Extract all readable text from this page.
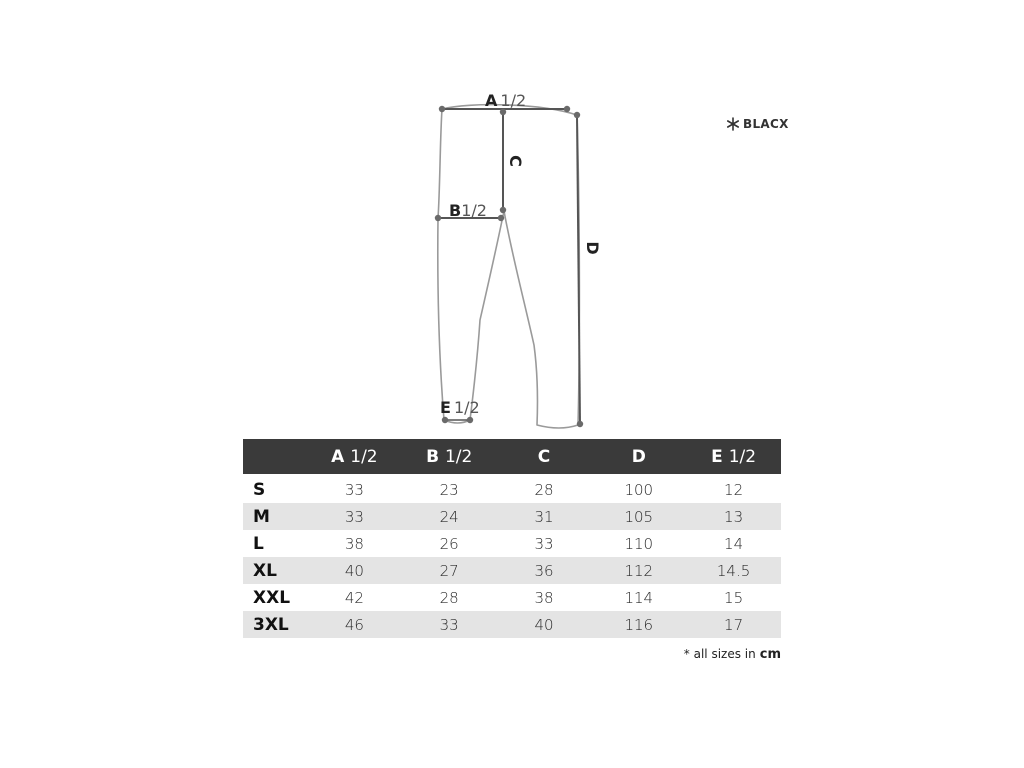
A 1/2
B1/2
C
D
E 1/2
BLACX
	A 1/2	B 1/2	C	D	E 1/2
S	33	23	28	100	12
M	33	24	31	105	13
L	38	26	33	110	14
XL	40	27	36	112	14.5
XXL	42	28	38	114	15
3XL	46	33	40	116	17
* all sizes in cm
